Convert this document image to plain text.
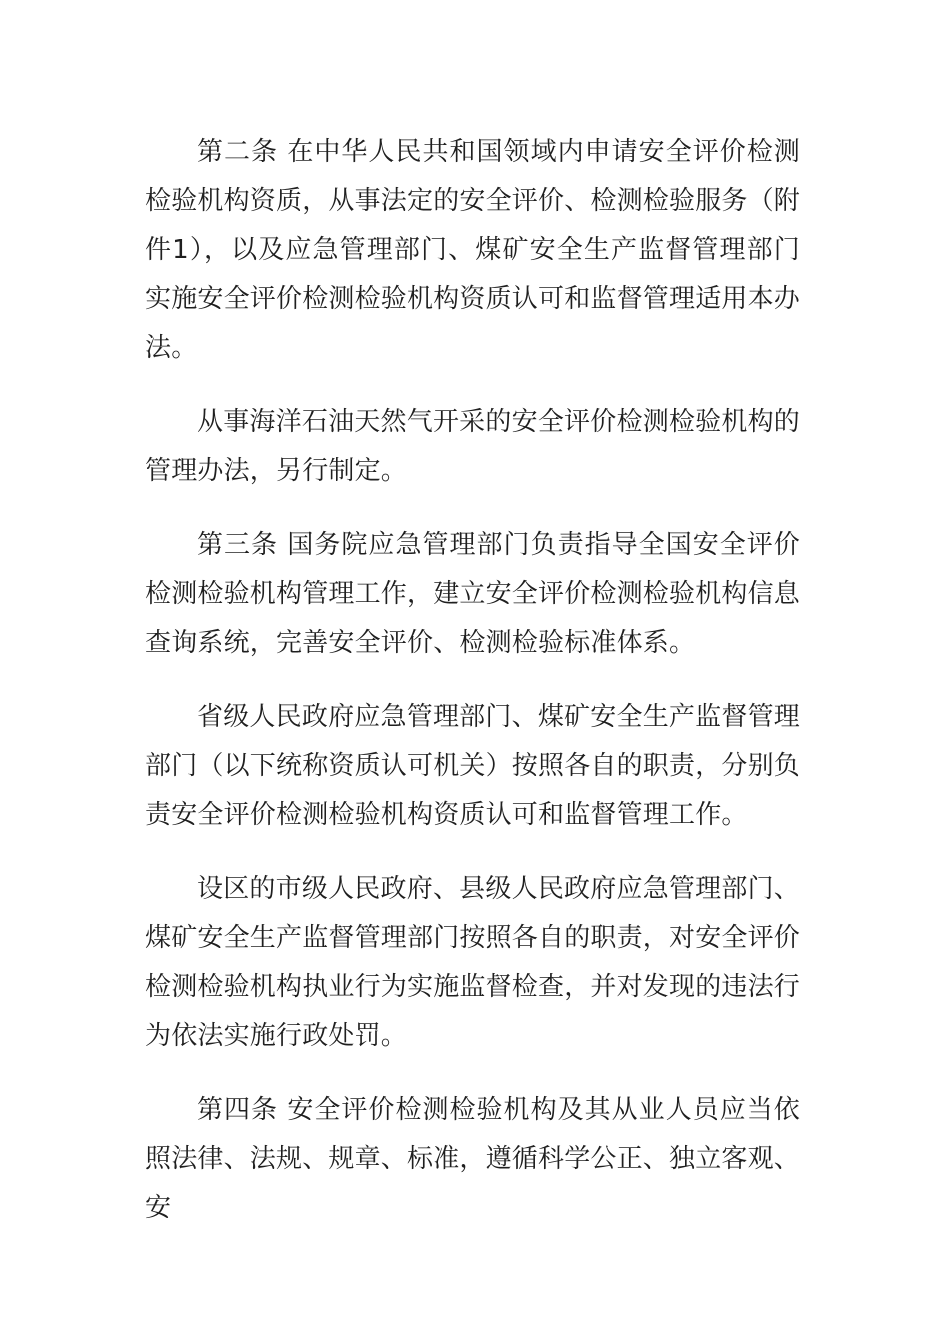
第二条 在中华人民共和国领域内申请安全评价检测检验机构资质，从事法定的安全评价、检测检验服务（附件1），以及应急管理部门、煤矿安全生产监督管理部门实施安全评价检测检验机构资质认可和监督管理适用本办法。

从事海洋石油天然气开采的安全评价检测检验机构的管理办法，另行制定。

第三条 国务院应急管理部门负责指导全国安全评价检测检验机构管理工作，建立安全评价检测检验机构信息查询系统，完善安全评价、检测检验标准体系。

省级人民政府应急管理部门、煤矿安全生产监督管理部门（以下统称资质认可机关）按照各自的职责，分别负责安全评价检测检验机构资质认可和监督管理工作。

设区的市级人民政府、县级人民政府应急管理部门、煤矿安全生产监督管理部门按照各自的职责，对安全评价检测检验机构执业行为实施监督检查，并对发现的违法行为依法实施行政处罚。

第四条 安全评价检测检验机构及其从业人员应当依照法律、法规、规章、标准，遵循科学公正、独立客观、安
